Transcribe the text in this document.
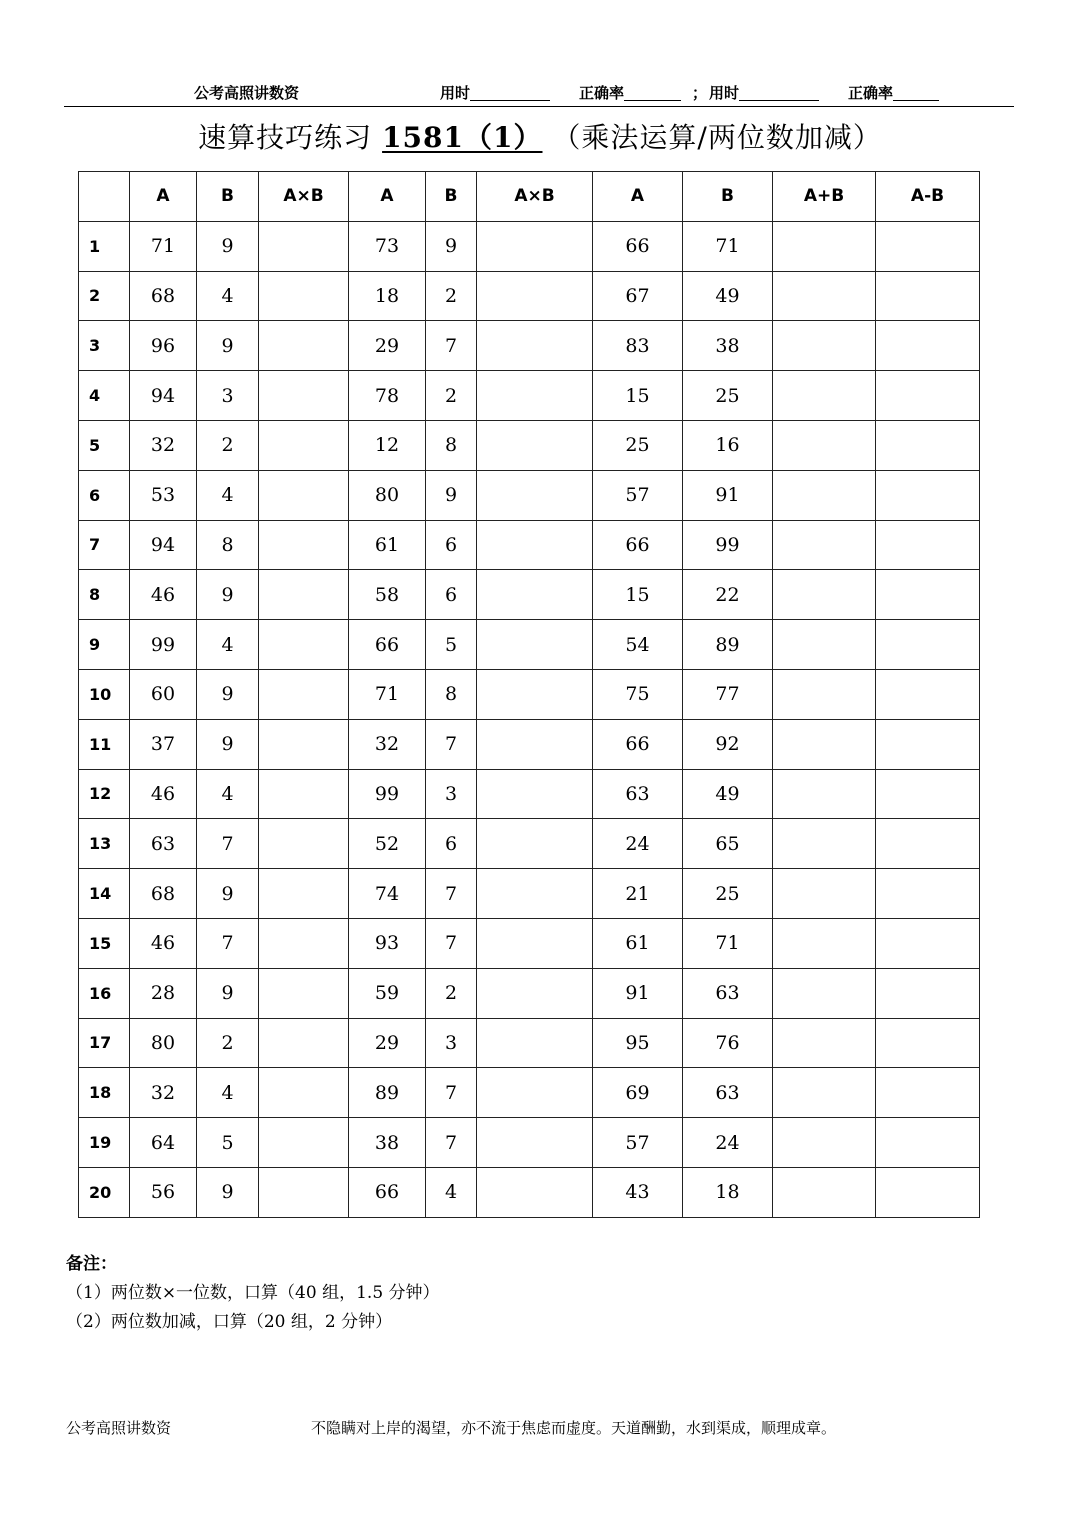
公考高照讲数资	用时	正确率	； 用时	正确率
速算技巧练习 1581（1） （乘法运算/两位数加减）
	A	B	A×B	A	B	A×B	A	B	A+B	A-B
1	71	9		73	9		66	71		
2	68	4		18	2		67	49		
3	96	9		29	7		83	38		
4	94	3		78	2		15	25		
5	32	2		12	8		25	16		
6	53	4		80	9		57	91		
7	94	8		61	6		66	99		
8	46	9		58	6		15	22		
9	99	4		66	5		54	89		
10	60	9		71	8		75	77		
11	37	9		32	7		66	92		
12	46	4		99	3		63	49		
13	63	7		52	6		24	65		
14	68	9		74	7		21	25		
15	46	7		93	7		61	71		
16	28	9		59	2		91	63		
17	80	2		29	3		95	76		
18	32	4		89	7		69	63		
19	64	5		38	7		57	24		
20	56	9		66	4		43	18		
备注：
（1）两位数×一位数，口算（40 组，1.5 分钟）
（2）两位数加减，口算（20 组，2 分钟）
公考高照讲数资	不隐瞒对上岸的渴望，亦不流于焦虑而虚度。天道酬勤，水到渠成，顺理成章。
